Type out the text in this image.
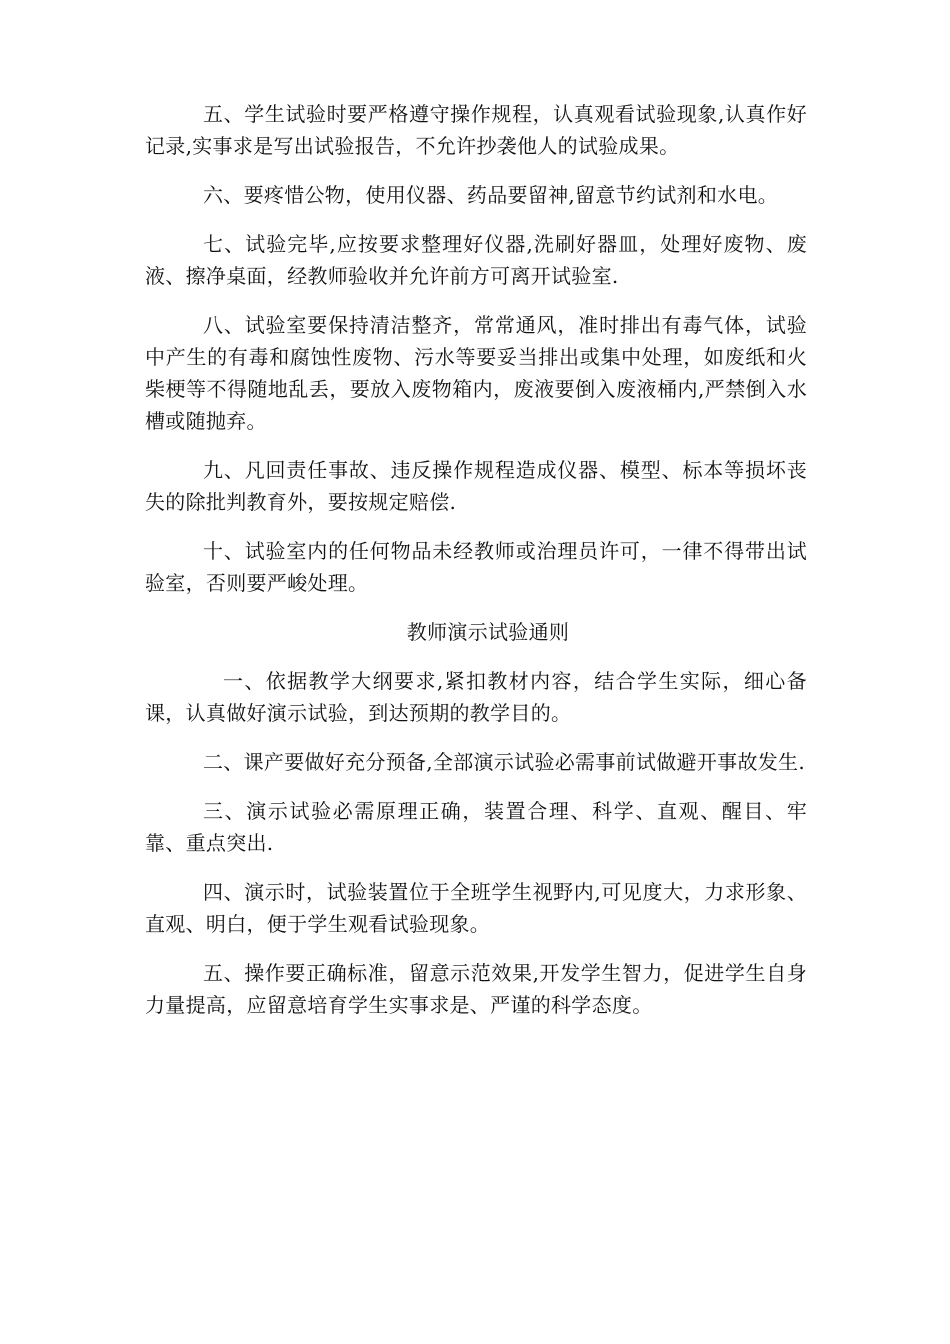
五、学生试验时要严格遵守操作规程，认真观看试验现象,认真作好记录,实事求是写出试验报告，不允许抄袭他人的试验成果。

六、要疼惜公物，使用仪器、药品要留神,留意节约试剂和水电。

七、试验完毕,应按要求整理好仪器,洗刷好器皿，处理好废物、废液、擦净桌面，经教师验收并允许前方可离开试验室.

八、试验室要保持清洁整齐，常常通风，准时排出有毒气体，试验中产生的有毒和腐蚀性废物、污水等要妥当排出或集中处理，如废纸和火柴梗等不得随地乱丢，要放入废物箱内，废液要倒入废液桶内,严禁倒入水槽或随抛弃。

九、凡回责任事故、违反操作规程造成仪器、模型、标本等损坏丧失的除批判教育外，要按规定赔偿.

十、试验室内的任何物品未经教师或治理员许可，一律不得带出试验室，否则要严峻处理。

教师演示试验通则

一、依据教学大纲要求,紧扣教材内容，结合学生实际，细心备课，认真做好演示试验，到达预期的教学目的。

二、课产要做好充分预备,全部演示试验必需事前试做避开事故发生.

三、演示试验必需原理正确，装置合理、科学、直观、醒目、牢靠、重点突出.

四、演示时，试验装置位于全班学生视野内,可见度大，力求形象、直观、明白，便于学生观看试验现象。

五、操作要正确标准，留意示范效果,开发学生智力，促进学生自身力量提高，应留意培育学生实事求是、严谨的科学态度。
